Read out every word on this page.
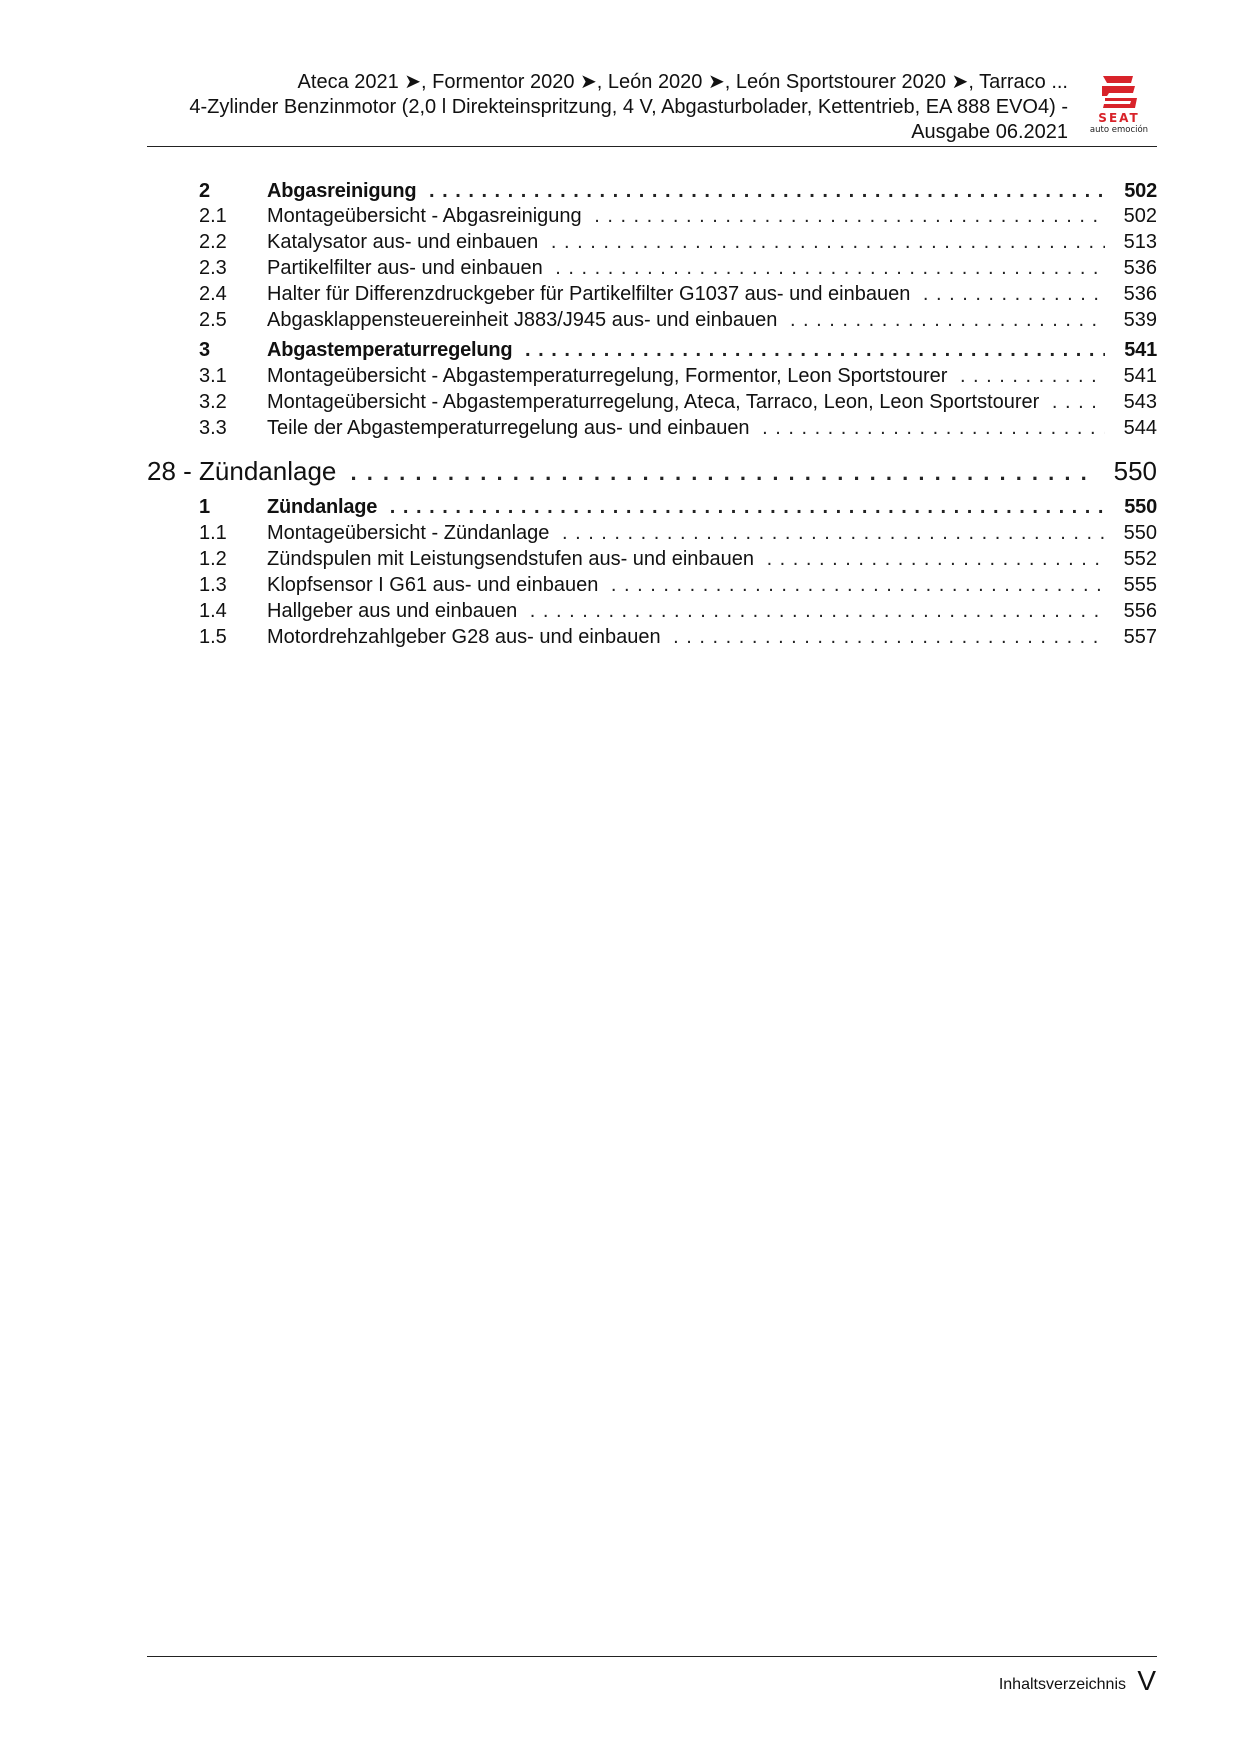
Ateca 2021 ➤, Formentor 2020 ➤, León 2020 ➤, León Sportstourer 2020 ➤, Tarraco ...
4-Zylinder Benzinmotor (2,0 l Direkteinspritzung, 4 V, Abgasturbolader, Kettentrieb, EA 888 EVO4) -
Ausgabe 06.2021
SEAT
auto emoción
2	Abgasreinigung . . .	502
2.1 Montageübersicht - Abgasreinigung . . .	502
2.2 Katalysator aus- und einbauen . . .	513
2.3 Partikelfilter aus- und einbauen . . .	536
2.4 Halter für Differenzdruckgeber für Partikelfilter G1037 aus- und einbauen . . .	536
2.5 Abgasklappensteuereinheit J883/J945 aus- und einbauen . . .	539
3	Abgastemperaturregelung . . .	541
3.1 Montageübersicht - Abgastemperaturregelung, Formentor, Leon Sportstourer . . .	541
3.2 Montageübersicht - Abgastemperaturregelung, Ateca, Tarraco, Leon, Leon Sportstourer . . .	543
3.3 Teile der Abgastemperaturregelung aus- und einbauen . . .	544
28 - Zündanlage . . .	550
1	Zündanlage . . .	550
1.1 Montageübersicht - Zündanlage . . .	550
1.2 Zündspulen mit Leistungsendstufen aus- und einbauen . . .	552
1.3 Klopfsensor I G61 aus- und einbauen . . .	555
1.4 Hallgeber aus und einbauen . . .	556
1.5 Motordrehzahlgeber G28 aus- und einbauen . . .	557
Inhaltsverzeichnis V
